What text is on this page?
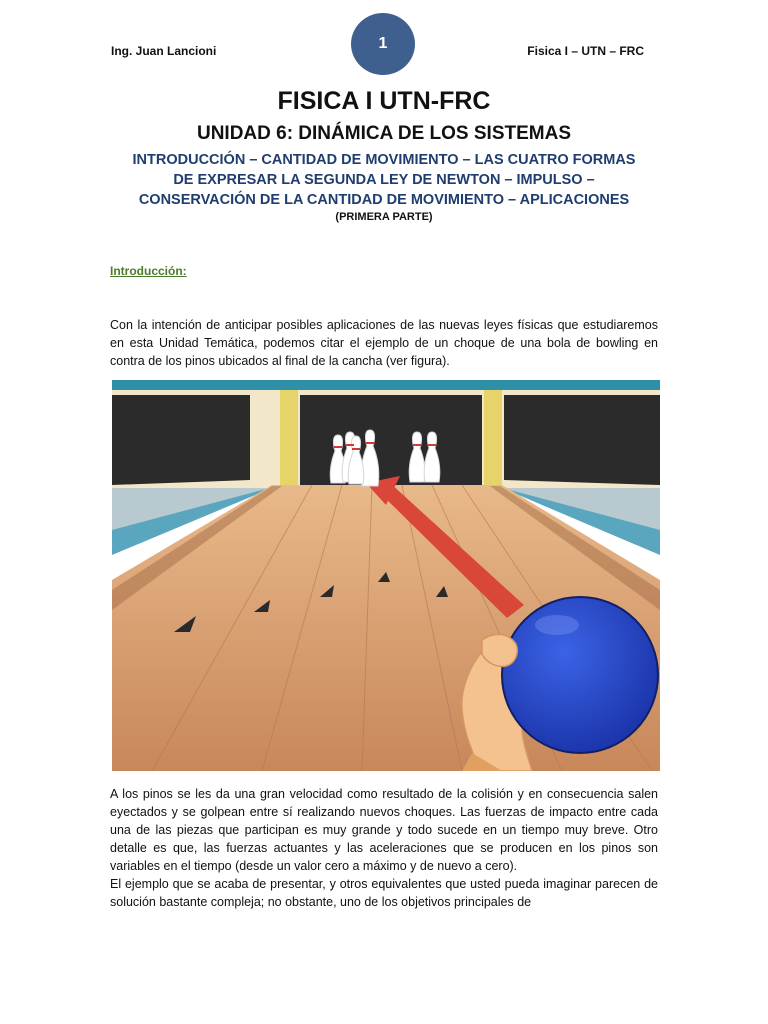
Ing. Juan Lancioni	1	Fisica I – UTN – FRC
FISICA I UTN-FRC
UNIDAD 6: DINÁMICA DE LOS SISTEMAS
INTRODUCCIÓN – CANTIDAD DE MOVIMIENTO – LAS CUATRO FORMAS
DE EXPRESAR LA SEGUNDA LEY DE NEWTON – IMPULSO –
CONSERVACIÓN DE LA CANTIDAD DE MOVIMIENTO – APLICACIONES
(PRIMERA PARTE)
Introducción:

Con la intención de anticipar posibles aplicaciones de las nuevas leyes físicas que estudiaremos en esta Unidad Temática, podemos citar el ejemplo de un choque de una bola de bowling en contra de los pinos ubicados al final de la cancha (ver figura).

A los pinos se les da una gran velocidad como resultado de la colisión y en consecuencia salen eyectados y se golpean entre sí realizando nuevos choques. Las fuerzas de impacto entre cada una de las piezas que participan es muy grande y todo sucede en un tiempo muy breve. Otro detalle es que, las fuerzas actuantes y las aceleraciones que se producen en los pinos son variables en el tiempo (desde un valor cero a máximo y de nuevo a cero).

El ejemplo que se acaba de presentar, y otros equivalentes que usted pueda imaginar parecen de solución bastante compleja; no obstante, uno de los objetivos principales de
